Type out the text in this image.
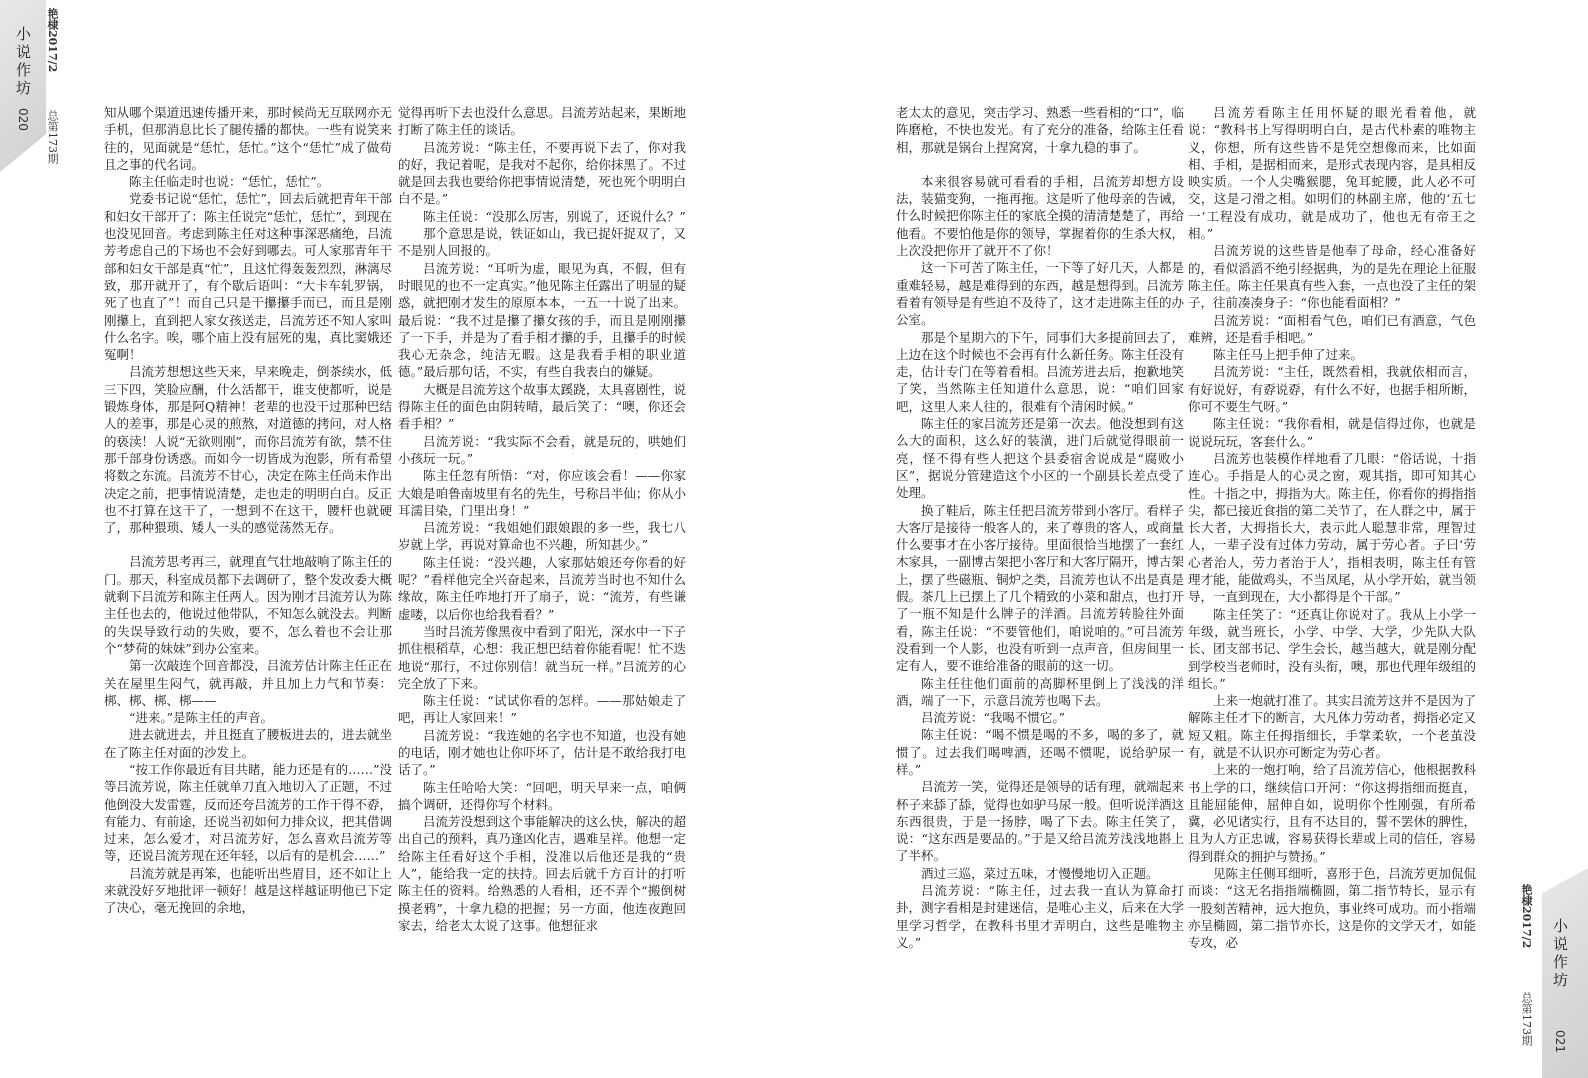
小说作坊
020
艳棣2017/2
总第173期
艳棣2017/2
总第173期
小说作坊
021

知从哪个渠道迅速传播开来，那时候尚无互联网亦无手机，但那消息比长了腿传播的都快。一些有说笑来往的，见面就是“恁忙，恁忙。”这个“恁忙”成了做苟且之事的代名词。

陈主任临走时也说：“恁忙，恁忙”。

党委书记说“恁忙，恁忙”，回去后就把青年干部和妇女干部开了：陈主任说完“恁忙，恁忙”，到现在也没见回音。考虑到陈主任对这种事深恶痛绝，吕流芳考虑自己的下场也不会好到哪去。可人家那青年干部和妇女干部是真“忙”，且这忙得轰轰烈烈，淋漓尽致，那开就开了，有个歇后语叫：“大卡车轧罗锅，死了也直了”！而自己只是干攥攥手而已，而且是刚刚攥上，直到把人家女孩送走，吕流芳还不知人家叫什么名字。唉，哪个庙上没有屈死的鬼，真比窦娥还冤啊！

吕流芳想想这些天来，早来晚走，倒茶续水，低三下四，笑脸应酬，什么活都干，谁支使都听，说是锻炼身体，那是阿Q精神！老辈的也没干过那种巴结人的差事，那是心灵的煎熬，对道德的拷问，对人格的亵渎！人说“无欲则刚”，而你吕流芳有欲，禁不住那千部身份诱惑。而如今一切皆成为泡影，所有希望将数之东流。吕流芳不甘心，决定在陈主任尚未作出决定之前，把事情说清楚，走也走的明明白白。反正也不打算在这干了，一想到不在这干，腰杆也就硬了，那种猥琐、矮人一头的感觉荡然无存。

吕流芳思考再三，就理直气壮地敲响了陈主任的门。那天，科室成员都下去调研了，整个发改委大概就剩下吕流芳和陈主任两人。因为刚才吕流芳认为陈主任也去的，他说过他带队，不知怎么就没去。判断的失误导致行动的失败，要不，怎么着也不会让那个“梦荷的妹妹”到办公室来。

第一次敲连个回音都没，吕流芳估计陈主任正在关在屋里生闷气，就再敲，并且加上力气和节奏：梆、梆、梆、梆——

“进来。”是陈主任的声音。

进去就进去，并且挺直了腰板进去的，进去就坐在了陈主任对面的沙发上。

“按工作你最近有目共睹，能力还是有的……”没等吕流芳说，陈主任就单刀直入地切入了正题，不过他倒没大发雷霆，反而还夸吕流芳的工作干得不孬，有能力、有前途，还说当初如何力排众议，把其借调过来，怎么爱才，对吕流芳好，怎么喜欢吕流芳等等，还说吕流芳现在还年轻，以后有的是机会……”

吕流芳就是再笨，也能听出些眉目，还不如让上来就没好歹地批评一顿好！越是这样越证明他已下定了决心，毫无挽回的余地，

觉得再听下去也没什么意思。吕流芳站起来，果断地打断了陈主任的谈话。

吕流芳说：“陈主任，不要再说下去了，你对我的好，我记着呢，是我对不起你，给你抹黑了。不过就是回去我也要给你把事情说清楚，死也死个明明白白不是。”

陈主任说：“没那么厉害，别说了，还说什么？”

那个意思是说，铁证如山，我已捉奸捉双了，又不是别人回报的。

吕流芳说：“耳听为虚，眼见为真，不假，但有时眼见的也不一定真实。”他见陈主任露出了明显的疑惑，就把刚才发生的原原本本，一五一十说了出来。最后说：“我不过是攥了攥女孩的手，而且是刚刚攥了一下手，并是为了看手相才攥的手，且攥手的时候我心无杂念，纯洁无暇。这是我看手相的职业道德。”最后那句话，不实，有些自我表白的嫌疑。

大概是吕流芳这个故事太蹊跷，太具喜剧性，说得陈主任的面色由阴转晴，最后笑了：“噢，你还会看手相？”

吕流芳说：“我实际不会看，就是玩的，哄她们小孩玩一玩。”

陈主任忽有所悟：“对，你应该会看！——你家大娘是咱鲁南坡里有名的先生，号称吕半仙；你从小耳濡目染，门里出身！”

吕流芳说：“我姐她们跟娘跟的多一些，我七八岁就上学，再说对算命也不兴趣，所知甚少。”

陈主任说：“没兴趣，人家那姑娘还夸你看的好呢？”看样他完全兴奋起来，吕流芳当时也不知什么缘故，陈主任咋地打开了扇子，说：“流芳，有些谦虚喽，以后你也给我看看？”

当时吕流芳像黑夜中看到了阳光，深水中一下子抓住根稻草，心想：我正想巴结着你能看呢！忙不迭地说“那行，不过你别信！就当玩一样。”吕流芳的心完全放了下来。

陈主任说：“试试你看的怎样。——那姑娘走了吧，再让人家回来！”

吕流芳说：“我连她的名字也不知道，也没有她的电话，刚才她也让你吓坏了，估计是不敢给我打电话了。”

陈主任哈哈大笑：“回吧，明天早来一点，咱俩搞个调研，还得你写个材料。

吕流芳没想到这个事能解决的这么快，解决的超出自己的预料，真乃逢凶化吉，遇难呈祥。他想一定给陈主任看好这个手相，没准以后他还是我的“贵人”，能给我一定的扶持。回去后就千方百计的打听陈主任的资料。给熟悉的人看相，还不弄个“搬倒树摸老鸦”，十拿九稳的把握；另一方面，他连夜跑回家去，给老太太说了这事。他想征求

老太太的意见，突击学习、熟悉一些看相的“口”，临阵磨枪，不快也发光。有了充分的准备，给陈主任看相，那就是锅台上捏窝窝，十拿九稳的事了。

本来很容易就可看看的手相，吕流芳却想方设法，装猫变狗，一拖再拖。这是听了他母亲的告诫，什么时候把你陈主任的家底全摸的清清楚楚了，再给他看。不要怕他是你的领导，掌握着你的生杀大权，上次没把你开了就开不了你！

这一下可苦了陈主任，一下等了好几天，人都是重难轻易，越是难得到的东西，越是想得到。吕流芳看着有领导是有些迫不及待了，这才走进陈主任的办公室。

那是个星期六的下午，同事们大多提前回去了，上边在这个时候也不会再有什么新任务。陈主任没有走，估计专门在等着看相。吕流芳进去后，抱歉地笑了笑，当然陈主任知道什么意思，说：“咱们回家吧，这里人来人往的，很难有个清闲时候。”

陈主任的家吕流芳还是第一次去。他没想到有这么大的面积，这么好的装潢，进门后就觉得眼前一亮，怪不得有些人把这个县委宿舍说成是“腐败小区”，据说分管建造这个小区的一个副县长差点受了处理。

换了鞋后，陈主任把吕流芳带到小客厅。看样子大客厅是接待一般客人的，来了尊贵的客人，或商量什么要事才在小客厅接待。里面很恰当地摆了一套红木家具，一副博古架把小客厅和大客厅隔开，博古架上，摆了些磁瓶、铜炉之类，吕流芳也认不出是真是假。茶几上已摆上了几个精致的小菜和甜点，也打开了一瓶不知是什么牌子的洋酒。吕流芳转脸往外面看，陈主任说：“不要管他们，咱说咱的。”可吕流芳没看到一个人影，也没有听到一点声音，但房间里一定有人，要不谁给准备的眼前的这一切。

陈主任往他们面前的高脚杯里倒上了浅浅的洋酒，端了一下，示意吕流芳也喝下去。

吕流芳说：“我喝不惯它。”

陈主任说：“喝不惯是喝的不多，喝的多了，就惯了。过去我们喝啤酒，还喝不惯呢，说给驴尿一样。”

吕流芳一笑，觉得还是领导的话有理，就端起来杯子来舔了舔，觉得也如驴马尿一般。但听说洋酒这东西很贵，于是一扬脖，喝了下去。陈主任笑了，说：“这东西是要品的。”于是又给吕流芳浅浅地斟上了半杯。

酒过三巡，菜过五味，才慢慢地切入正题。

吕流芳说：“陈主任，过去我一直认为算命打卦，测字看相是封建迷信，是唯心主义，后来在大学里学习哲学，在教科书里才弄明白，这些是唯物主义。”

吕流芳看陈主任用怀疑的眼光看着他，就说：“教科书上写得明明白白，是古代朴素的唯物主义，你想，所有这些皆不是凭空想像而来，比如面相、手相，是据相而来，是形式表现内容，是具相反映实质。一个人尖嘴猴腮，兔耳蛇腰，此人必不可交，这是刁滑之相。如明们的林副主席，他的‘五七一’工程没有成功，就是成功了，他也无有帝王之相。”

吕流芳说的这些皆是他奉了母命，经心准备好的，看似滔滔不绝引经据典，为的是先在理论上征服陈主任。陈主任果真有些入套，一点也没了主任的架子，往前凑凑身子：“你也能看面相？”

吕流芳说：“面相看气色，咱们已有酒意，气色难辨，还是看手相吧。”

陈主任马上把手伸了过来。

吕流芳说：“主任，既然看相，我就依相而言，有好说好，有孬说孬，有什么不好，也据手相所断，你可不要生气呀。”

陈主任说：“我你看相，就是信得过你，也就是说说玩玩，客套什么。”

吕流芳也装模作样地看了几眼：“俗话说，十指连心。手指是人的心灵之窗，观其指，即可知其心性。十指之中，拇指为大。陈主任，你看你的拇指指尖，都已接近食指的第二关节了，在人群之中，属于长大者，大拇指长大，表示此人聪慧非常，理智过人，一辈子没有过体力劳动，属于劳心者。子曰‘劳心者治人，劳力者治于人’，指相表明，陈主任有管理才能，能做鸡头，不当凤尾，从小学开始，就当领导，一直到现在，大小都得是个干部。”

陈主任笑了：“还真让你说对了。我从上小学一年级，就当班长，小学、中学、大学，少先队大队长、团支部书记、学生会长，越当越大，就是刚分配到学校当老师时，没有头衔，噢，那也代理年级组的组长。”

上来一炮就打准了。其实吕流芳这并不是因为了解陈主任才下的断言，大凡体力劳动者，拇指必定又短又粗。陈主任拇指细长，手掌柔软，一个老茧没有，就是不认识亦可断定为劳心者。

上来的一炮打响，给了吕流芳信心，他根据教科书上学的口，继续信口开河：“你这拇指细而挺直，且能屈能伸，屈伸自如，说明你个性刚强，有所希冀，必见诸实行，且有不达目的，誓不罢休的脾性，且为人方正忠诚，容易获得长辈或上司的信任，容易得到群众的拥护与赞扬。”

见陈主任侧耳细听，喜形于色，吕流芳更加侃侃而谈：“这无名指指端椭圆，第二指节特长，显示有一股刻苦精神，远大抱负，事业终可成功。而小指端亦呈椭圆，第二指节亦长，这是你的文学天才，如能专攻，必
